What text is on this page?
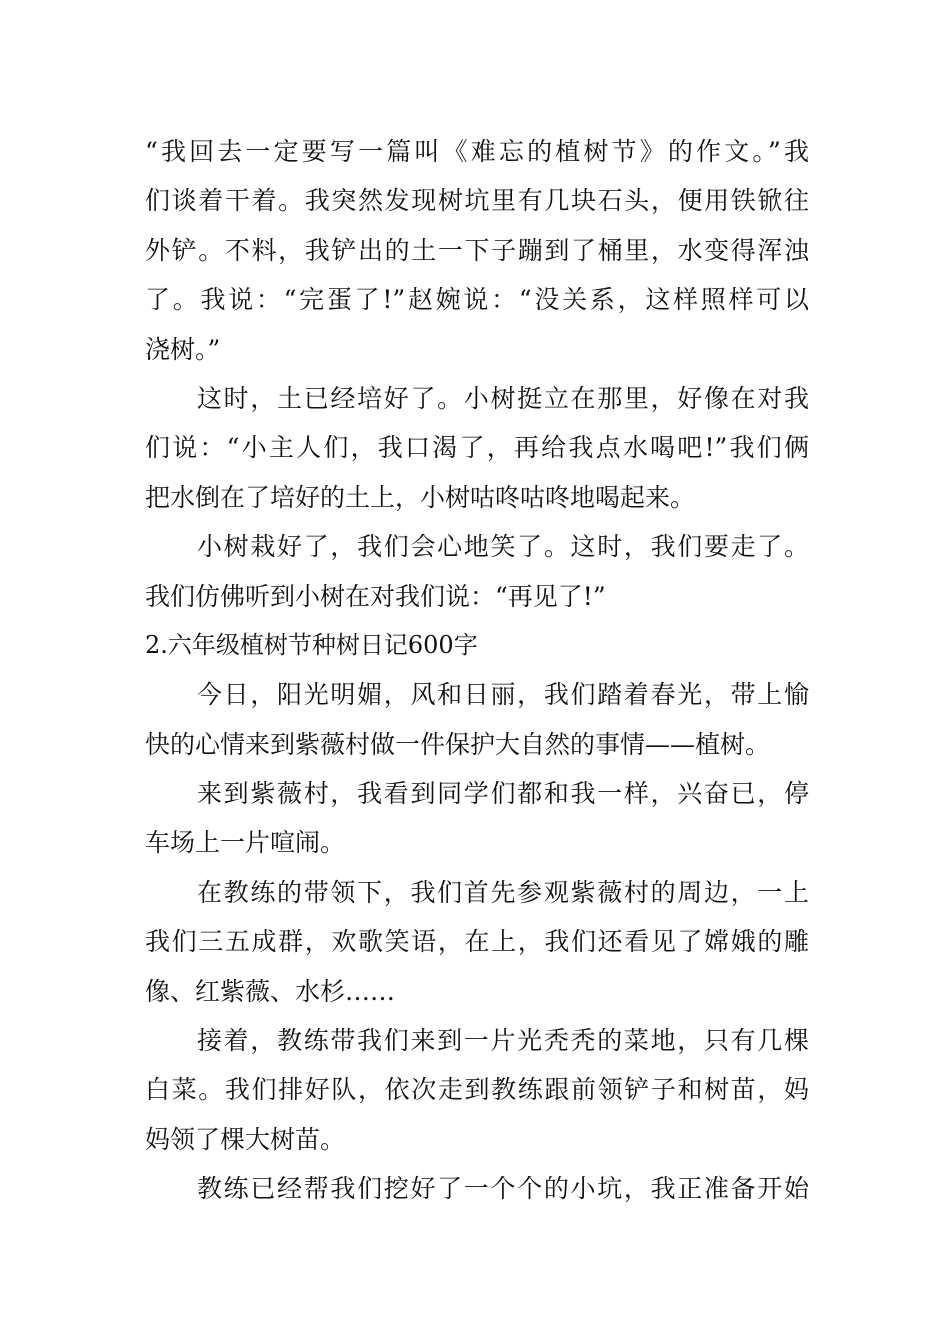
“我回去一定要写一篇叫《难忘的植树节》的作文。”我
们谈着干着。我突然发现树坑里有几块石头，便用铁锨往
外铲。不料，我铲出的土一下子蹦到了桶里，水变得浑浊
了。我说：“完蛋了!”赵婉说：“没关系，这样照样可以
浇树。”
这时，土已经培好了。小树挺立在那里，好像在对我
们说：“小主人们，我口渴了，再给我点水喝吧!”我们俩
把水倒在了培好的土上，小树咕咚咕咚地喝起来。
小树栽好了，我们会心地笑了。这时，我们要走了。
我们仿佛听到小树在对我们说：“再见了!”
2.六年级植树节种树日记600字
今日，阳光明媚，风和日丽，我们踏着春光，带上愉
快的心情来到紫薇村做一件保护大自然的事情——植树。
来到紫薇村，我看到同学们都和我一样，兴奋已，停
车场上一片喧闹。
在教练的带领下，我们首先参观紫薇村的周边，一上
我们三五成群，欢歌笑语，在上，我们还看见了嫦娥的雕
像、红紫薇、水杉……
接着，教练带我们来到一片光秃秃的菜地，只有几棵
白菜。我们排好队，依次走到教练跟前领铲子和树苗，妈
妈领了棵大树苗。
教练已经帮我们挖好了一个个的小坑，我正准备开始
